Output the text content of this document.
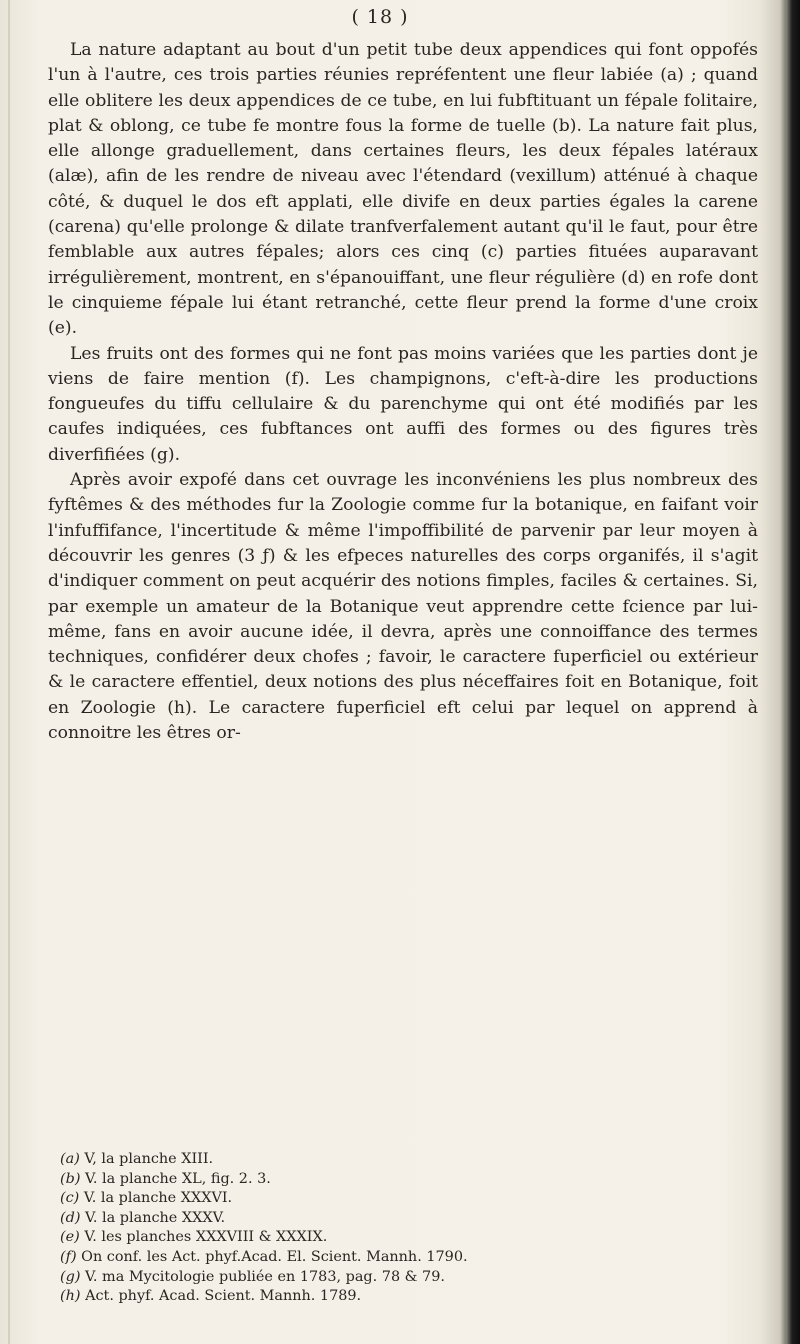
( 18 )

La nature adaptant au bout d'un petit tube deux appendices qui font oppofés l'un à l'autre, ces trois parties réunies repréfentent une fleur labiée (a) ; quand elle oblitere les deux appendices de ce tube, en lui fubftituant un fépale folitaire, plat & oblong, ce tube fe montre fous la forme de tuelle (b). La nature fait plus, elle allonge graduellement, dans certaines fleurs, les deux fépales latéraux (alæ), afin de les rendre de niveau avec l'étendard (vexillum) atténué à chaque côté, & duquel le dos eft applati, elle divife en deux parties égales la carene (carena) qu'elle prolonge & dilate tranfverfalement autant qu'il le faut, pour être femblable aux autres fépales; alors ces cinq (c) parties fituées auparavant irrégulièrement, montrent, en s'épanouiffant, une fleur régulière (d) en rofe dont le cinquieme fépale lui étant retranché, cette fleur prend la forme d'une croix (e).

Les fruits ont des formes qui ne font pas moins variées que les parties dont je viens de faire mention (f). Les champignons, c'eft-à-dire les productions fongueufes du tiffu cellulaire & du parenchyme qui ont été modifiés par les caufes indiquées, ces fubftances ont auffi des formes ou des figures très diverfifiées (g).

Après avoir expofé dans cet ouvrage les inconvéniens les plus nombreux des fyftêmes & des méthodes fur la Zoologie comme fur la botanique, en faifant voir l'infuffifance, l'incertitude & même l'impoffibilité de parvenir par leur moyen à découvrir les genres (3 ƒ) & les efpeces naturelles des corps organifés, il s'agit d'indiquer comment on peut acquérir des notions fimples, faciles & certaines. Si, par exemple un amateur de la Botanique veut apprendre cette fcience par lui-même, fans en avoir aucune idée, il devra, après une connoiffance des termes techniques, confidérer deux chofes ; favoir, le caractere fuperficiel ou extérieur & le caractere effentiel, deux notions des plus néceffaires foit en Botanique, foit en Zoologie (h). Le caractere fuperficiel eft celui par lequel on apprend à connoitre les êtres or-

(a) V, la planche XIII.

(b) V. la planche XL, fig. 2. 3.

(c) V. la planche XXXVI.

(d) V. la planche XXXV.

(e) V. les planches XXXVIII & XXXIX.

(f) On conf. les Act. phyf.Acad. El. Scient. Mannh. 1790.

(g) V. ma Mycitologie publiée en 1783, pag. 78 & 79.

(h) Act. phyf. Acad. Scient. Mannh. 1789.
